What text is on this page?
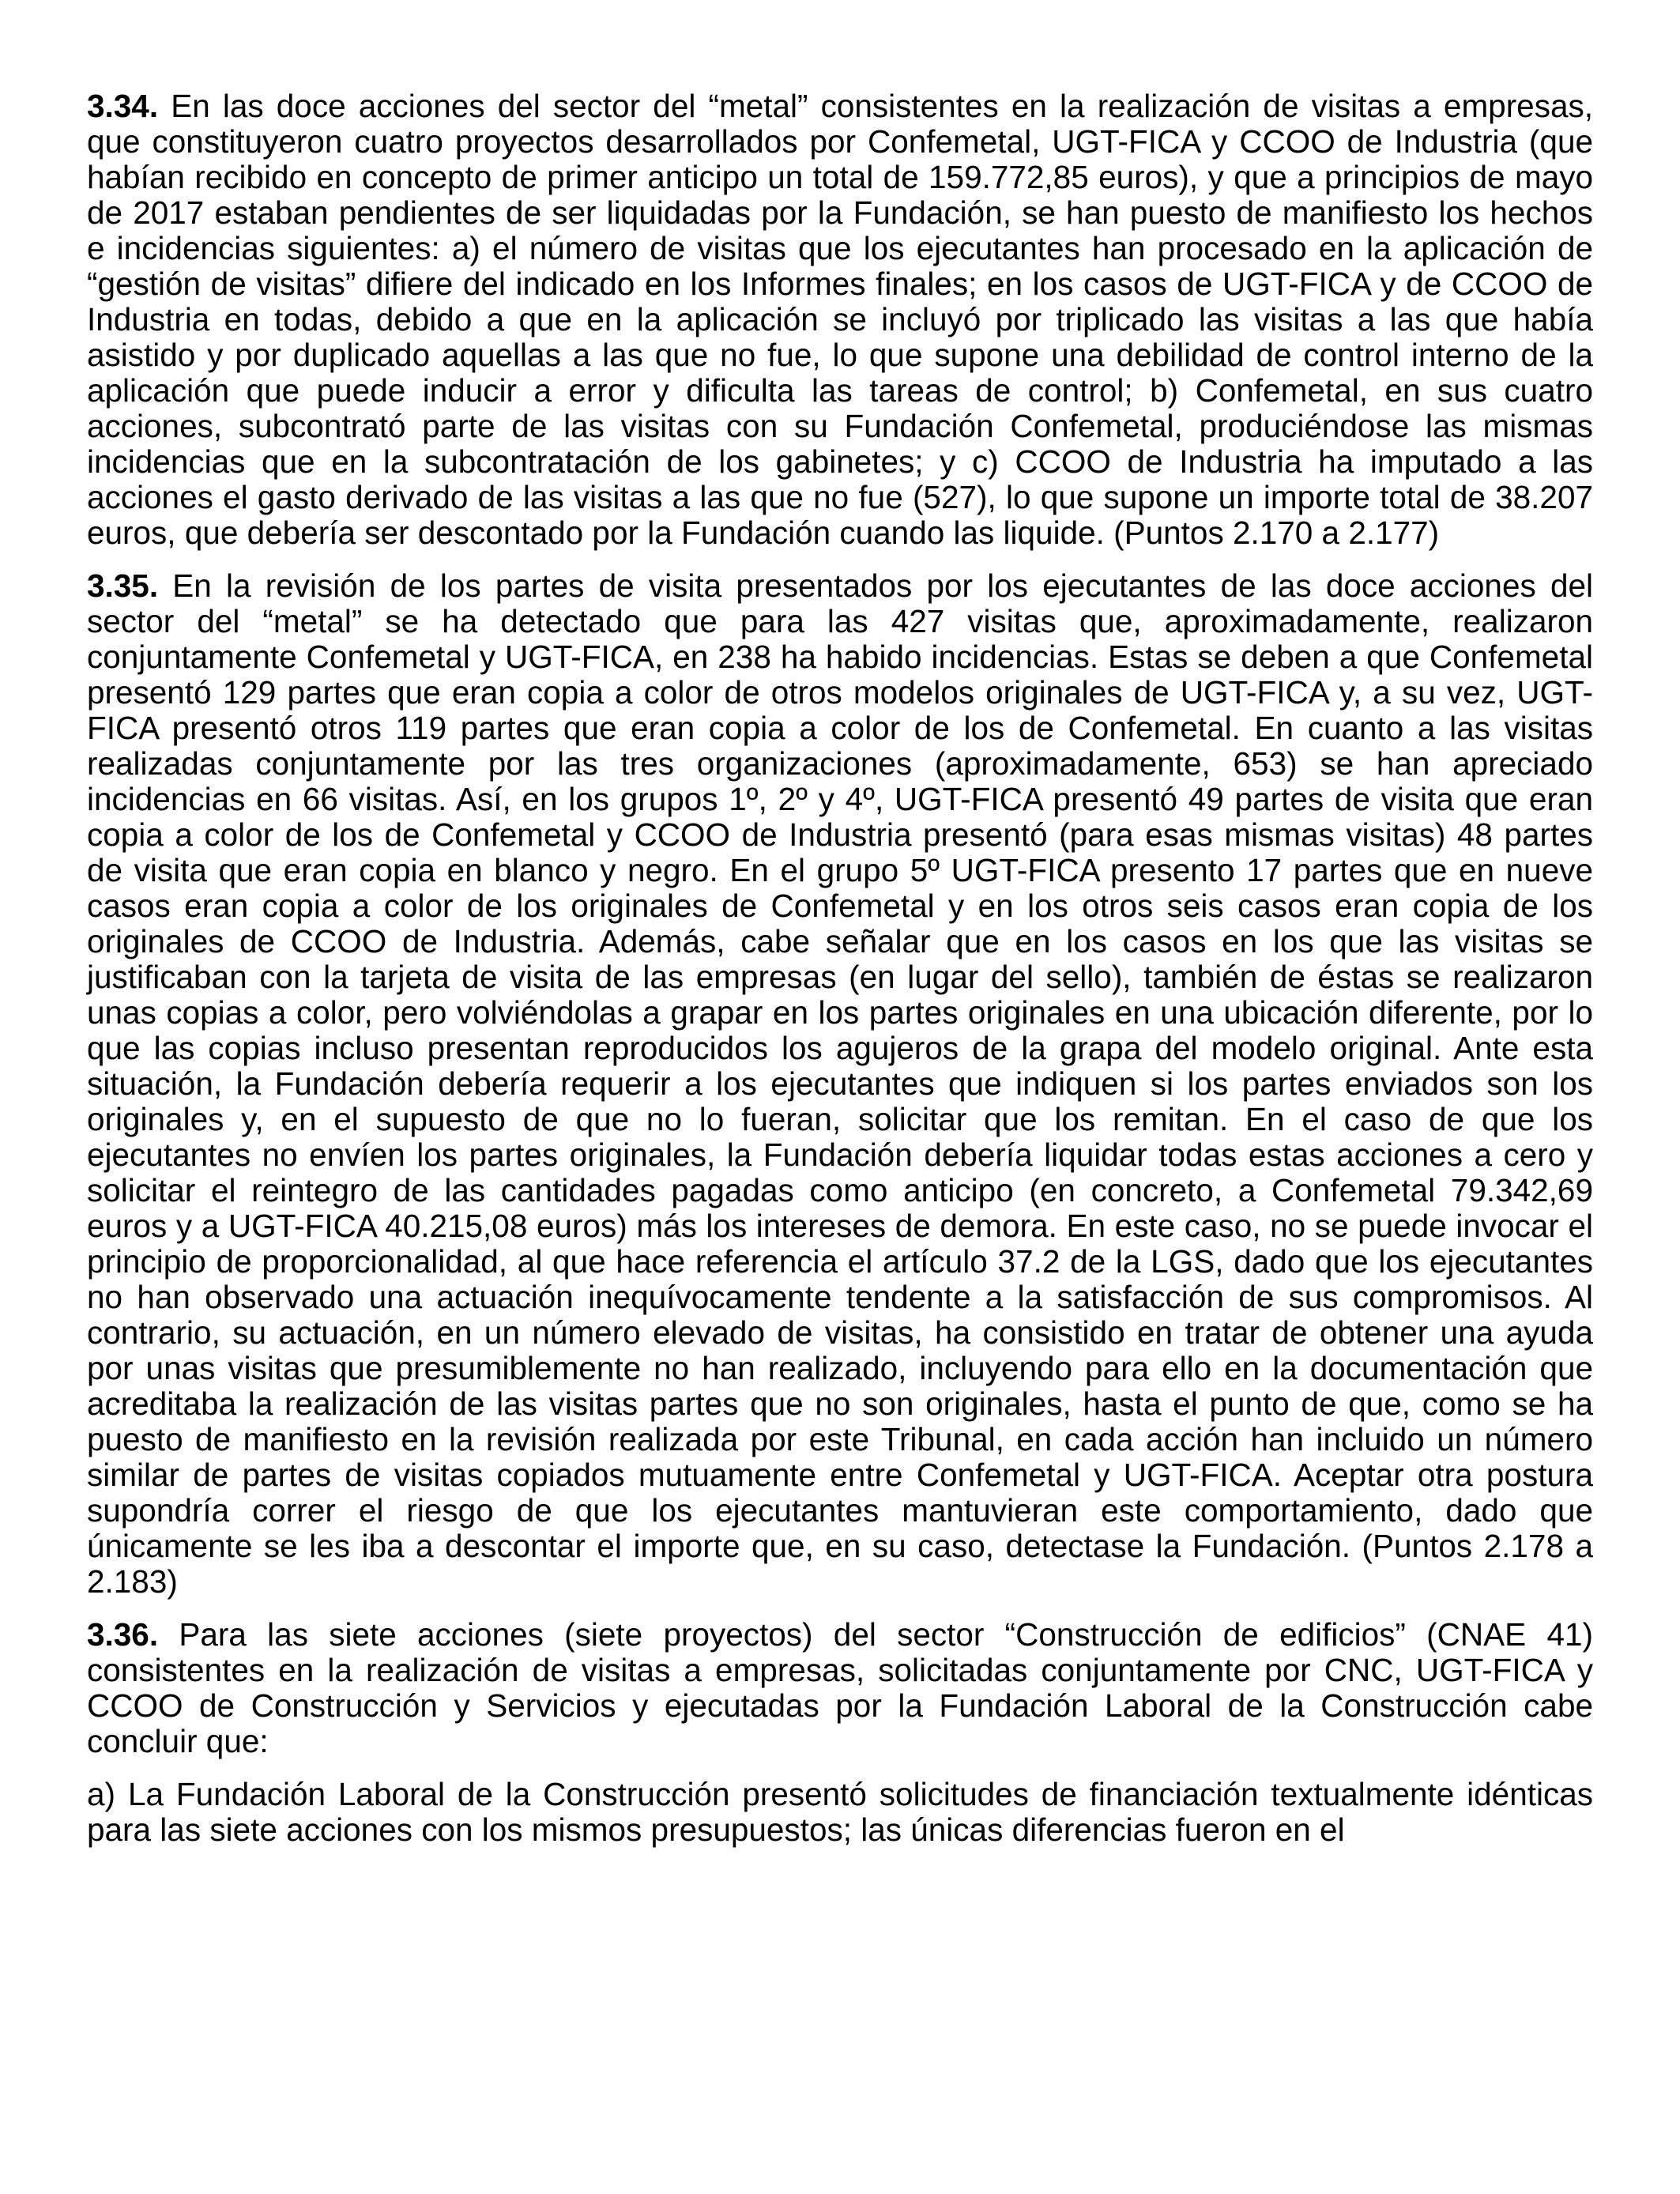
3.34. En las doce acciones del sector del “metal” consistentes en la realización de visitas a empresas, que constituyeron cuatro proyectos desarrollados por Confemetal, UGT-FICA y CCOO de Industria (que habían recibido en concepto de primer anticipo un total de 159.772,85 euros), y que a principios de mayo de 2017 estaban pendientes de ser liquidadas por la Fundación, se han puesto de manifiesto los hechos e incidencias siguientes: a) el número de visitas que los ejecutantes han procesado en la aplicación de “gestión de visitas” difiere del indicado en los Informes finales; en los casos de UGT-FICA y de CCOO de Industria en todas, debido a que en la aplicación se incluyó por triplicado las visitas a las que había asistido y por duplicado aquellas a las que no fue, lo que supone una debilidad de control interno de la aplicación que puede inducir a error y dificulta las tareas de control; b) Confemetal, en sus cuatro acciones, subcontrató parte de las visitas con su Fundación Confemetal, produciéndose las mismas incidencias que en la subcontratación de los gabinetes; y c) CCOO de Industria ha imputado a las acciones el gasto derivado de las visitas a las que no fue (527), lo que supone un importe total de 38.207 euros, que debería ser descontado por la Fundación cuando las liquide. (Puntos 2.170 a 2.177)

3.35. En la revisión de los partes de visita presentados por los ejecutantes de las doce acciones del sector del “metal” se ha detectado que para las 427 visitas que, aproximadamente, realizaron conjuntamente Confemetal y UGT-FICA, en 238 ha habido incidencias. Estas se deben a que Confemetal presentó 129 partes que eran copia a color de otros modelos originales de UGT-FICA y, a su vez, UGT-FICA presentó otros 119 partes que eran copia a color de los de Confemetal. En cuanto a las visitas realizadas conjuntamente por las tres organizaciones (aproximadamente, 653) se han apreciado incidencias en 66 visitas. Así, en los grupos 1º, 2º y 4º, UGT-FICA presentó 49 partes de visita que eran copia a color de los de Confemetal y CCOO de Industria presentó (para esas mismas visitas) 48 partes de visita que eran copia en blanco y negro. En el grupo 5º UGT-FICA presento 17 partes que en nueve casos eran copia a color de los originales de Confemetal y en los otros seis casos eran copia de los originales de CCOO de Industria. Además, cabe señalar que en los casos en los que las visitas se justificaban con la tarjeta de visita de las empresas (en lugar del sello), también de éstas se realizaron unas copias a color, pero volviéndolas a grapar en los partes originales en una ubicación diferente, por lo que las copias incluso presentan reproducidos los agujeros de la grapa del modelo original. Ante esta situación, la Fundación debería requerir a los ejecutantes que indiquen si los partes enviados son los originales y, en el supuesto de que no lo fueran, solicitar que los remitan. En el caso de que los ejecutantes no envíen los partes originales, la Fundación debería liquidar todas estas acciones a cero y solicitar el reintegro de las cantidades pagadas como anticipo (en concreto, a Confemetal 79.342,69 euros y a UGT-FICA 40.215,08 euros) más los intereses de demora. En este caso, no se puede invocar el principio de proporcionalidad, al que hace referencia el artículo 37.2 de la LGS, dado que los ejecutantes no han observado una actuación inequívocamente tendente a la satisfacción de sus compromisos. Al contrario, su actuación, en un número elevado de visitas, ha consistido en tratar de obtener una ayuda por unas visitas que presumiblemente no han realizado, incluyendo para ello en la documentación que acreditaba la realización de las visitas partes que no son originales, hasta el punto de que, como se ha puesto de manifiesto en la revisión realizada por este Tribunal, en cada acción han incluido un número similar de partes de visitas copiados mutuamente entre Confemetal y UGT-FICA. Aceptar otra postura supondría correr el riesgo de que los ejecutantes mantuvieran este comportamiento, dado que únicamente se les iba a descontar el importe que, en su caso, detectase la Fundación. (Puntos 2.178 a 2.183)

3.36. Para las siete acciones (siete proyectos) del sector “Construcción de edificios” (CNAE 41) consistentes en la realización de visitas a empresas, solicitadas conjuntamente por CNC, UGT-FICA y CCOO de Construcción y Servicios y ejecutadas por la Fundación Laboral de la Construcción cabe concluir que:

a) La Fundación Laboral de la Construcción presentó solicitudes de financiación textualmente idénticas para las siete acciones con los mismos presupuestos; las únicas diferencias fueron en el
